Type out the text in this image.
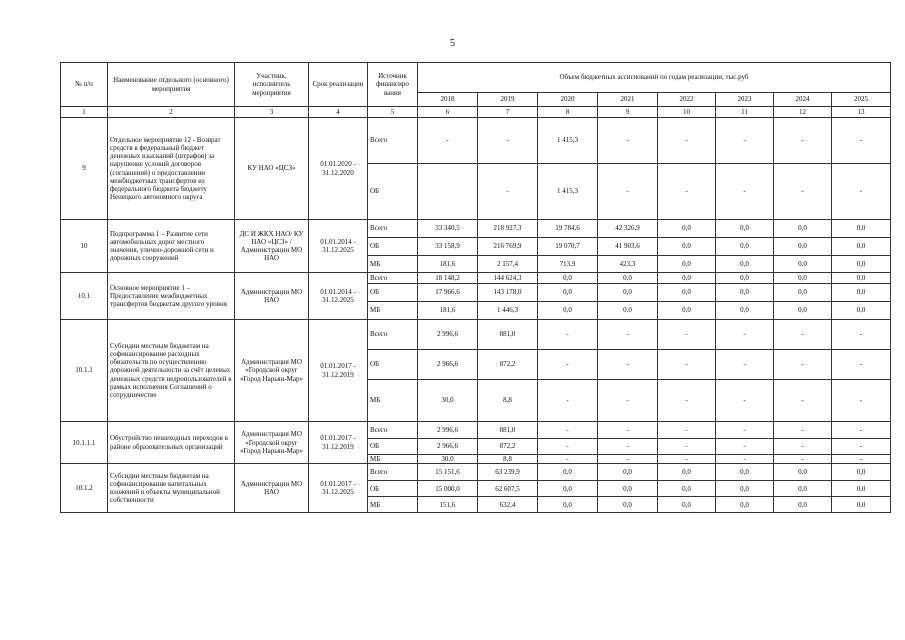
5
№ п/п	Наименование отдельного (основного) мероприятия	Участник, исполнитель мероприятия	Срок реализации	Источник финансиро вания	Объем бюджетных ассигнований по годам реализации, тыс.руб							
					2018	2019	2020	2021	2022	2023	2024	2025
1	2	3	4	5	6	7	8	9	10	11	12	13
9	Отдельное мероприятие 12 - Возврат средств в федеральный бюджет денежных взысканий (штрафов) за нарушение условий договоров (соглашений) о предоставлении межбюджетных трансфертов из федерального бюджета бюджету Ненецкого автономного округа	КУ НАО «ЦСЗ»	01.01.2020 - 31.12.2020	Всего	-	-	1 415,3	-	-	-	-	-
				ОБ		-	1 415,3	-	-	-	-	-
10	Подпрограмма 1 – Развитие сети автомобильных дорог местного значения, улично-дорожной сети и дорожных сооружений	ДС И ЖКХ НАО/ КУ НАО «ЦСЗ» / Администрации МО НАО	01.01.2014 - 31.12.2025	Всего	33 340,5	218 927,3	19 784,6	42 326,9	0,0	0,0	0,0	0,0
				ОБ	33 158,9	216 769,9	19 070,7	41 903,6	0,0	0,0	0,0	0,0
				МБ	181,6	2 157,4	713,9	423,3	0,0	0,0	0,0	0,0
10.1	Основное мероприятие 1 – Предоставление межбюджетных трансфертов бюджетам другого уровня	Администрации МО НАО	01.01.2014 - 31.12.2025	Всего	18 148,2	144 624,3	0,0	0,0	0,0	0,0	0,0	0,0
				ОБ	17 966,6	143 178,0	0,0	0,0	0,0	0,0	0,0	0,0
				МБ	181,6	1 446,3	0,0	0,0	0,0	0,0	0,0	0,0
10.1.1	Субсидии местным бюджетам на софинансирование расходных обязательств по осуществлению дорожной деятельности за счёт целевых денежных средств недропользователей в рамках исполнения Соглашений о сотрудничестве	Администрация МО «Городской округ «Город Нарьян-Мар»	01.01.2017 - 31.12.2019	Всего	2 996,6	881,0	-	-	-	-	-	-
				ОБ	2 966,6	872,2	-	-	-	-	-	-
				МБ	30,0	8,8	-	-	-	-	-	-
10.1.1.1	Обустройство пешеходных переходов в районе образовательных организаций	Администрация МО «Городской округ «Город Нарьян-Мар»	01.01.2017 - 31.12.2019	Всего	2 996,6	881,0	-	-	-	-	-	-
				ОБ	2 966,6	872,2	-	-	-	-	-	-
				МБ	30,0	8,8	-	-	-	-	-	-
10.1.2	Субсидии местным бюджетам на софинансирование капитальных вложений в объекты муниципальной собственности	Администрации МО НАО	01.01.2017 - 31.12.2025	Всего	15 151,6	63 239,9	0,0	0,0	0,0	0,0	0,0	0,0
				ОБ	15 000,0	62 607,5	0,0	0,0	0,0	0,0	0,0	0,0
				МБ	151,6	632,4	0,0	0,0	0,0	0,0	0,0	0,0
